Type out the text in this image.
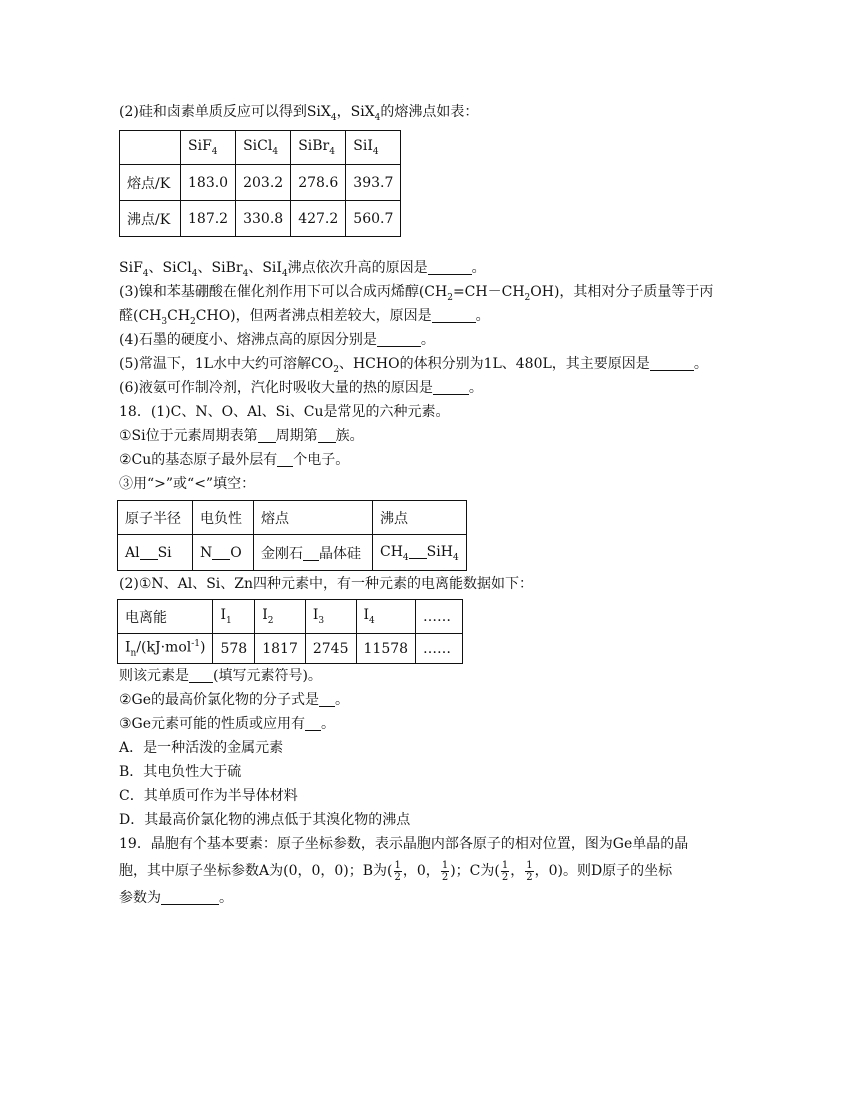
(2)硅和卤素单质反应可以得到SiX$_4$，SiX$_4$的熔沸点如表：
	SiF$_4$	SiCl$_4$	SiBr$_4$	SiI$_4$
熔点/K	183.0	203.2	278.6	393.7
沸点/K	187.2	330.8	427.2	560.7
SiF$_4$、SiCl$_4$、SiBr$_4$、SiI$_4$沸点依次升高的原因是	。
(3)镍和苯基硼酸在催化剂作用下可以合成丙烯醇$(CH_2=CH-CH_2OH)$，其相对分子质量等于丙
醛$(CH_3CH_2CHO)$，但两者沸点相差较大，原因是	。
(4)石墨的硬度小、熔沸点高的原因分别是	。
(5)常温下，1L水中大约可溶解$CO_2$、HCHO的体积分别为1L、480L，其主要原因是	。
(6)液氨可作制冷剂，汽化时吸收大量的热的原因是	。
18．(1)C、N、O、Al、Si、Cu是常见的六种元素。
①Si位于元素周期表第 周期第 族。
②Cu的基态原子最外层有 个电子。
③用“>”或“<”填空：
原子半径	电负性	熔点	沸点
Al Si	N O	金刚石 晶体硅	$CH_4$ SiH$_4$
(2)①N、Al、Si、Zn四种元素中，有一种元素的电离能数据如下：
电离能	$I_1$	$I_2$	$I_3$	$I_4$	……
$I_n/(kJ\cdot mol^{-1})$	578	1817	2745	11578	……
则该元素是 (填写元素符号)。
②Ge的最高价氯化物的分子式是 。
③Ge元素可能的性质或应用有 。
A．是一种活泼的金属元素
B．其电负性大于硫
C．其单质可作为半导体材料
D．其最高价氯化物的沸点低于其溴化物的沸点
19．晶胞有个基本要素：原子坐标参数，表示晶胞内部各原子的相对位置，图为Ge单晶的晶
胞，其中原子坐标参数A为(0，0，0)；B为( $\frac{1}{2}$ ，0， $\frac{1}{2}$ )；C为( $\frac{1}{2}$ ， $\frac{1}{2}$ ，0)。则D原子的坐标
参数为	。
